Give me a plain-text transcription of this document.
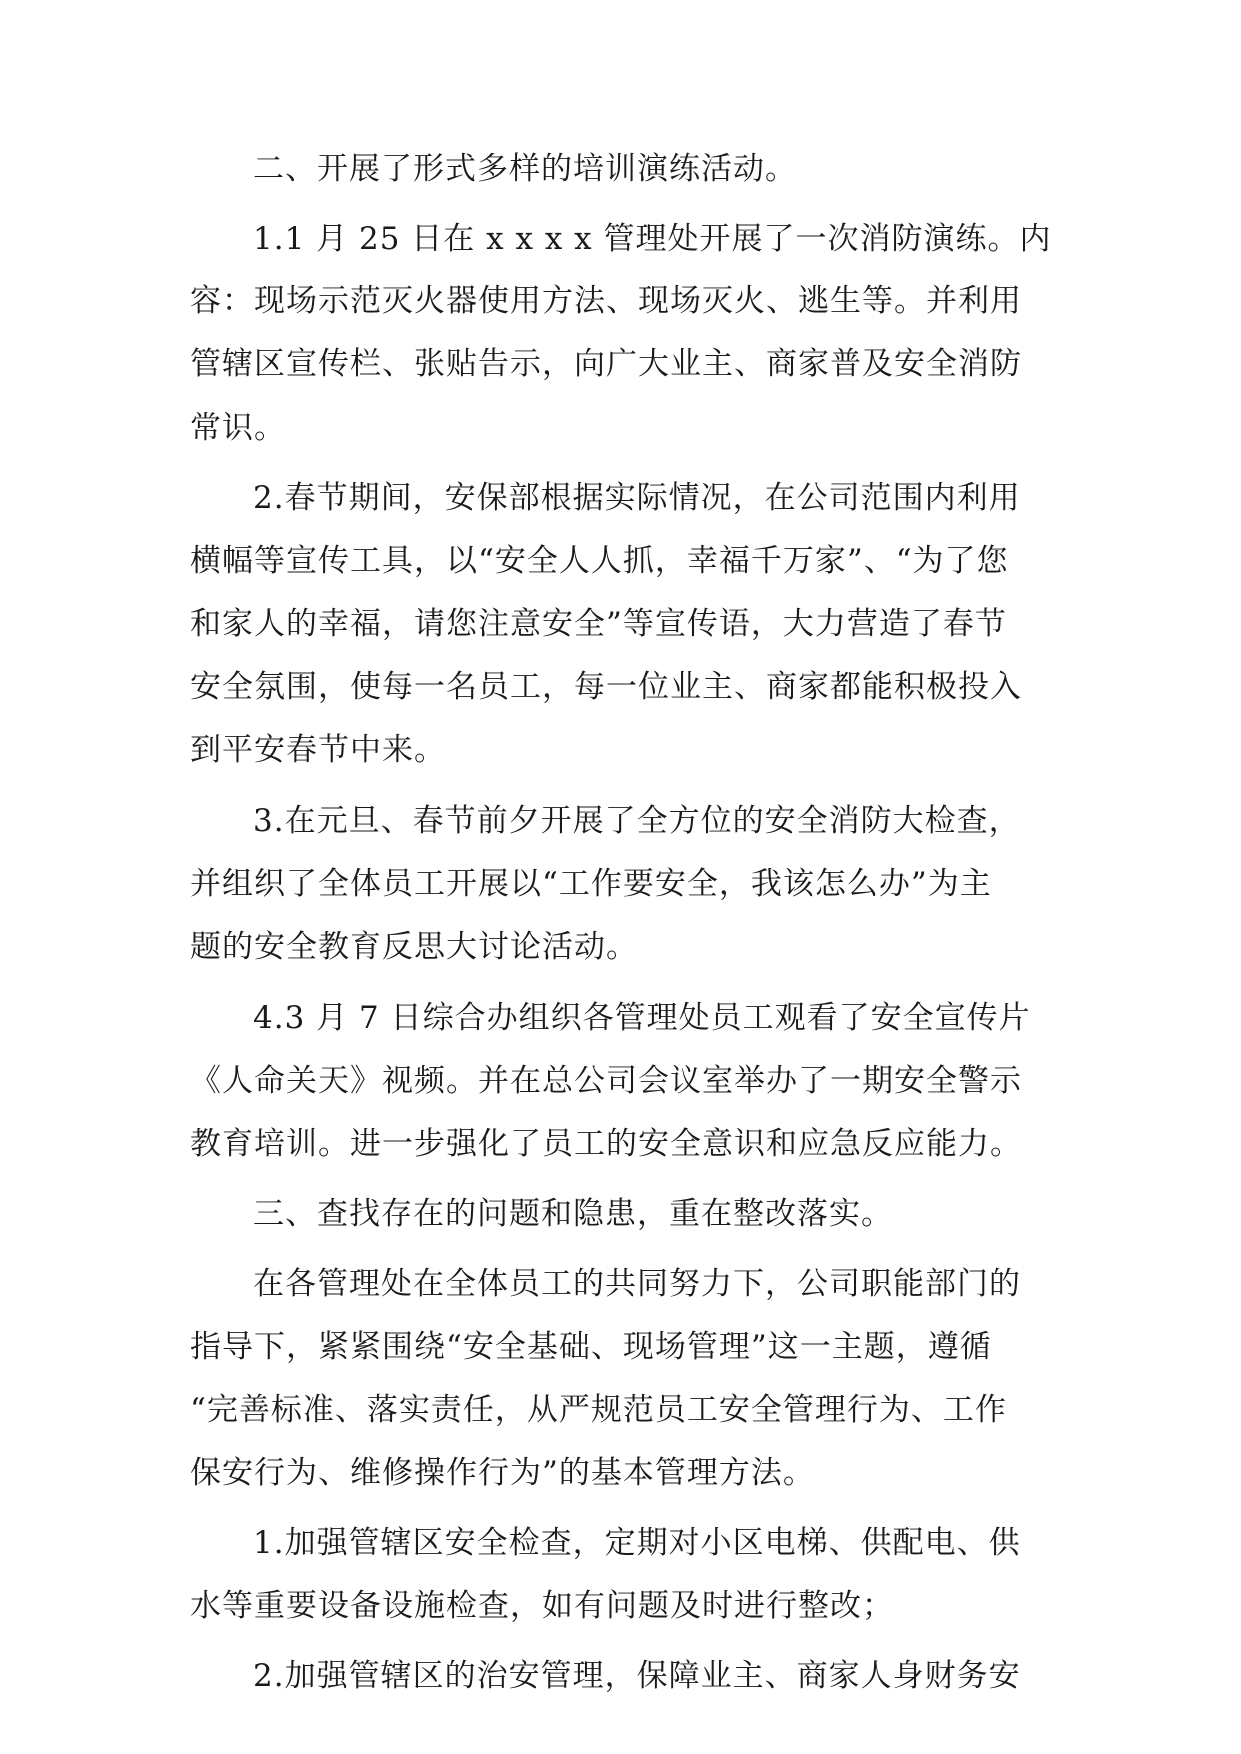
二、开展了形式多样的培训演练活动。
1.1 月 25 日在 x x x x 管理处开展了一次消防演练。内
容：现场示范灭火器使用方法、现场灭火、逃生等。并利用
管辖区宣传栏、张贴告示，向广大业主、商家普及安全消防
常识。
2.春节期间，安保部根据实际情况，在公司范围内利用
横幅等宣传工具，以“安全人人抓，幸福千万家”、“为了您
和家人的幸福，请您注意安全”等宣传语，大力营造了春节
安全氛围，使每一名员工，每一位业主、商家都能积极投入
到平安春节中来。
3.在元旦、春节前夕开展了全方位的安全消防大检查，
并组织了全体员工开展以“工作要安全，我该怎么办”为主
题的安全教育反思大讨论活动。
4.3 月 7 日综合办组织各管理处员工观看了安全宣传片
《人命关天》视频。并在总公司会议室举办了一期安全警示
教育培训。进一步强化了员工的安全意识和应急反应能力。
三、查找存在的问题和隐患，重在整改落实。
在各管理处在全体员工的共同努力下，公司职能部门的
指导下，紧紧围绕“安全基础、现场管理”这一主题，遵循
“完善标准、落实责任，从严规范员工安全管理行为、工作
保安行为、维修操作行为”的基本管理方法。
1.加强管辖区安全检查，定期对小区电梯、供配电、供
水等重要设备设施检查，如有问题及时进行整改；
2.加强管辖区的治安管理，保障业主、商家人身财务安
